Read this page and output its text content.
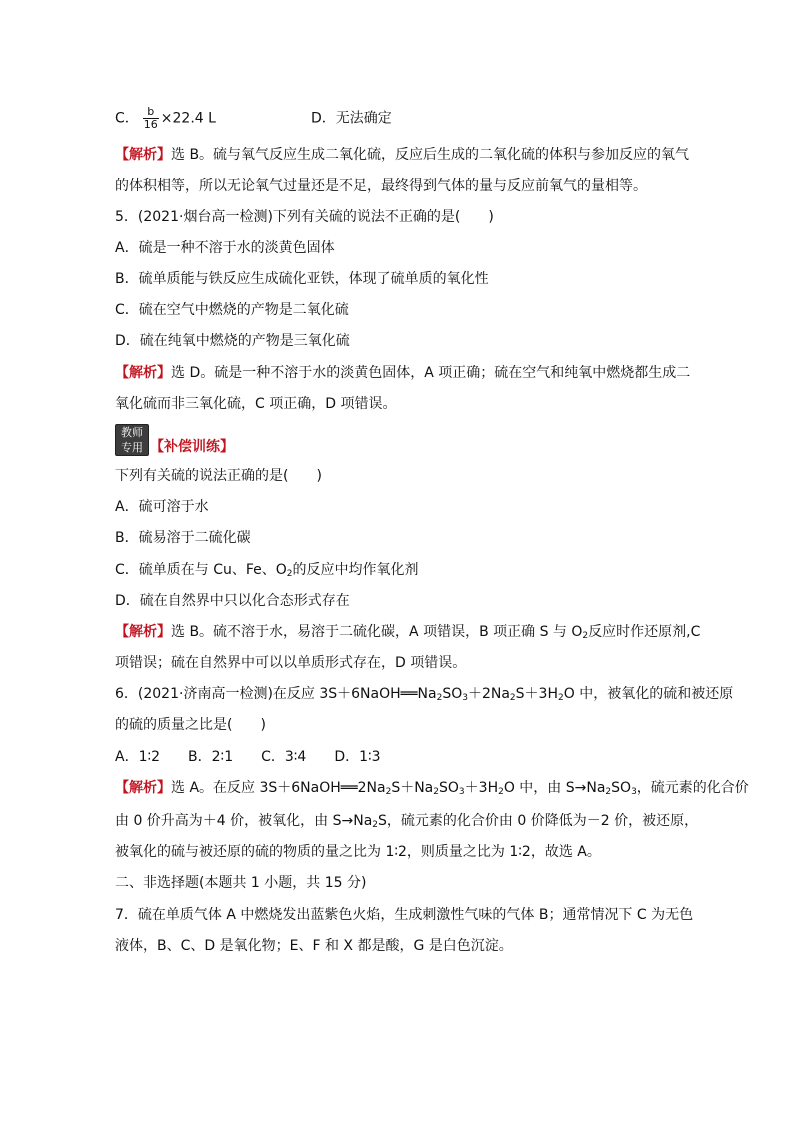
C． $\frac{b}{16} \times 22.4$ L	D．无法确定
【解析】选 B。硫与氧气反应生成二氧化硫，反应后生成的二氧化硫的体积与参加反应的氧气
的体积相等，所以无论氧气过量还是不足，最终得到气体的量与反应前氧气的量相等。
5．(2021·烟台高一检测)下列有关硫的说法不正确的是(　　)
A．硫是一种不溶于水的淡黄色固体
B．硫单质能与铁反应生成硫化亚铁，体现了硫单质的氧化性
C．硫在空气中燃烧的产物是二氧化硫
D．硫在纯氧中燃烧的产物是三氧化硫
【解析】选 D。硫是一种不溶于水的淡黄色固体，A 项正确；硫在空气和纯氧中燃烧都生成二
氧化硫而非三氧化硫，C 项正确，D 项错误。
教师
专用 【补偿训练】
下列有关硫的说法正确的是(　　)
A．硫可溶于水
B．硫易溶于二硫化碳
C．硫单质在与 Cu、Fe、$O_2$的反应中均作氧化剂
D．硫在自然界中只以化合态形式存在
【解析】选 B。硫不溶于水，易溶于二硫化碳，A 项错误，B 项正确 S 与 $O_2$反应时作还原剂,C
项错误；硫在自然界中可以以单质形式存在，D 项错误。
6．(2021·济南高一检测)在反应 $3S+6NaOH══Na_2SO_3+2Na_2S+3H_2O$ 中，被氧化的硫和被还原
的硫的质量之比是(　　)
A．1∶2　　B．2∶1　　C．3∶4　　D．1∶3
【解析】选 A。在反应 $3S+6NaOH══2Na_2S+Na_2SO_3+3H_2O$ 中，由 $S\to Na_2SO_3$，硫元素的化合价
由 0 价升高为＋4 价，被氧化，由 $S\to Na_2S$，硫元素的化合价由 0 价降低为－2 价，被还原，
被氧化的硫与被还原的硫的物质的量之比为 1∶2，则质量之比为 1∶2，故选 A。
二、非选择题(本题共 1 小题，共 15 分)
7．硫在单质气体 A 中燃烧发出蓝紫色火焰，生成刺激性气味的气体 B；通常情况下 C 为无色
液体，B、C、D 是氧化物；E、F 和 X 都是酸，G 是白色沉淀。
